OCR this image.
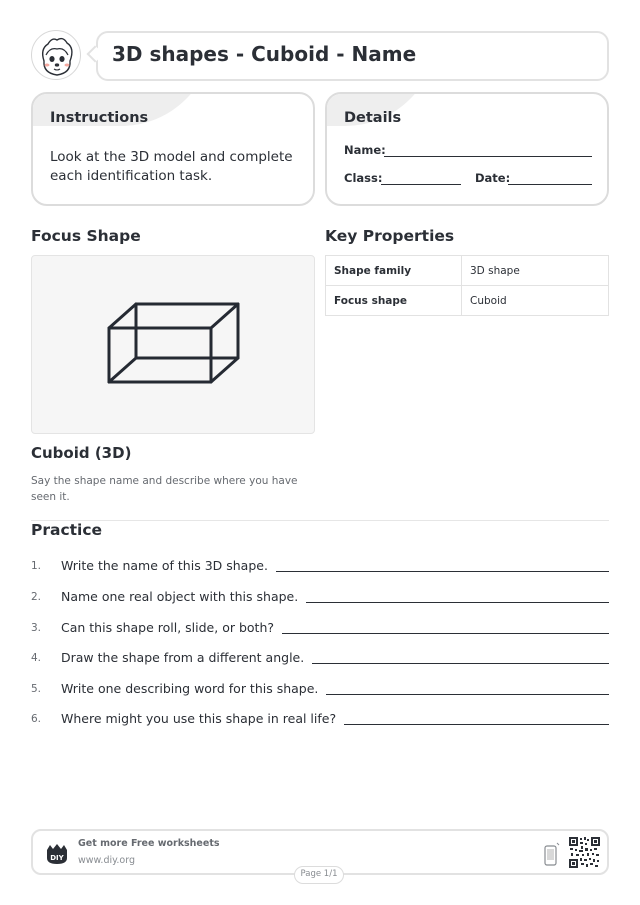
3D shapes - Cuboid - Name
Instructions
Look at the 3D model and complete each identification task.
Details
Name:
Class:	Date:
Focus Shape
Cuboid (3D)
Say the shape name and describe where you have seen it.
Key Properties
Shape family	3D shape
Focus shape	Cuboid
Practice
1.	Write the name of this 3D shape.
2.	Name one real object with this shape.
3.	Can this shape roll, slide, or both?
4.	Draw the shape from a different angle.
5.	Write one describing word for this shape.
6.	Where might you use this shape in real life?
DIY
Get more Free worksheets
www.diy.org
Page 1/1
